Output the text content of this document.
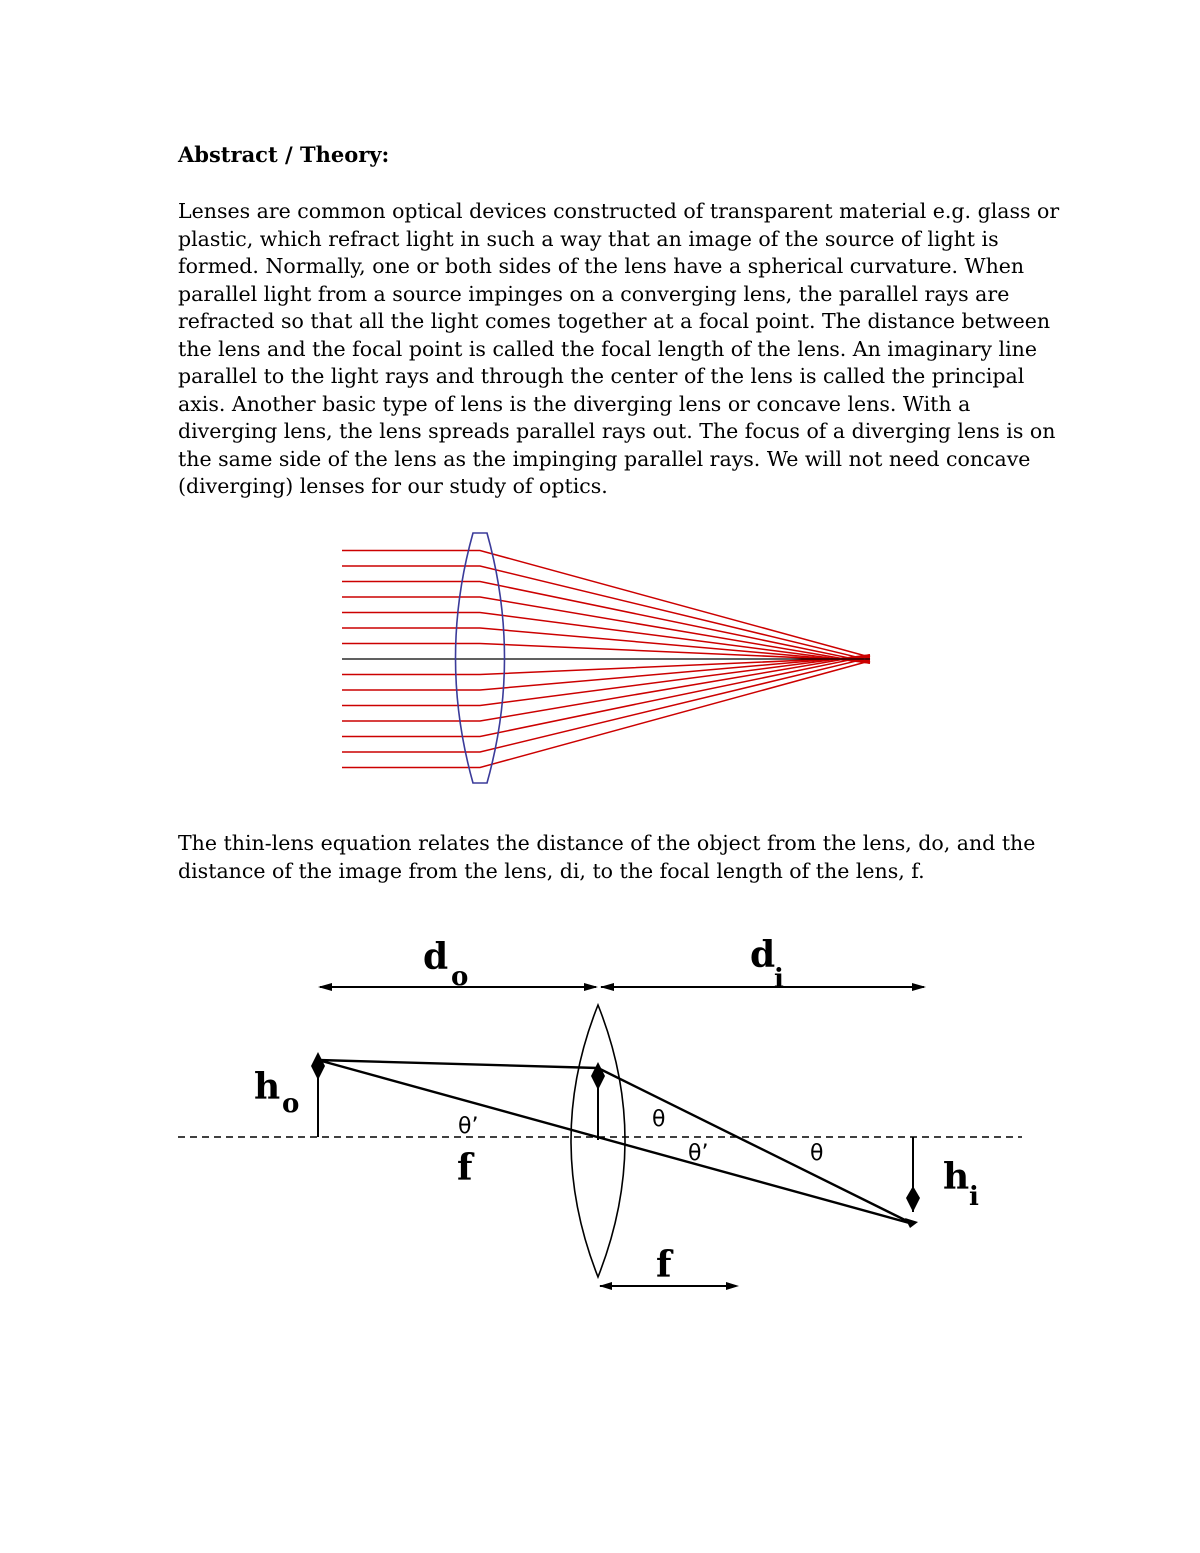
Abstract / Theory:
Lenses are common optical devices constructed of transparent material e.g. glass or
plastic, which refract light in such a way that an image of the source of light is
formed. Normally, one or both sides of the lens have a spherical curvature. When
parallel light from a source impinges on a converging lens, the parallel rays are
refracted so that all the light comes together at a focal point. The distance between
the lens and the focal point is called the focal length of the lens. An imaginary line
parallel to the light rays and through the center of the lens is called the principal
axis. Another basic type of lens is the diverging lens or concave lens. With a
diverging lens, the lens spreads parallel rays out. The focus of a diverging lens is on
the same side of the lens as the impinging parallel rays. We will not need concave
(diverging) lenses for our study of optics.
The thin-lens equation relates the distance of the object from the lens, do, and the
distance of the image from the lens, di, to the focal length of the lens, f.
d o
d
i
h o
h i
f
f
θ’
θ’
θ
θ
